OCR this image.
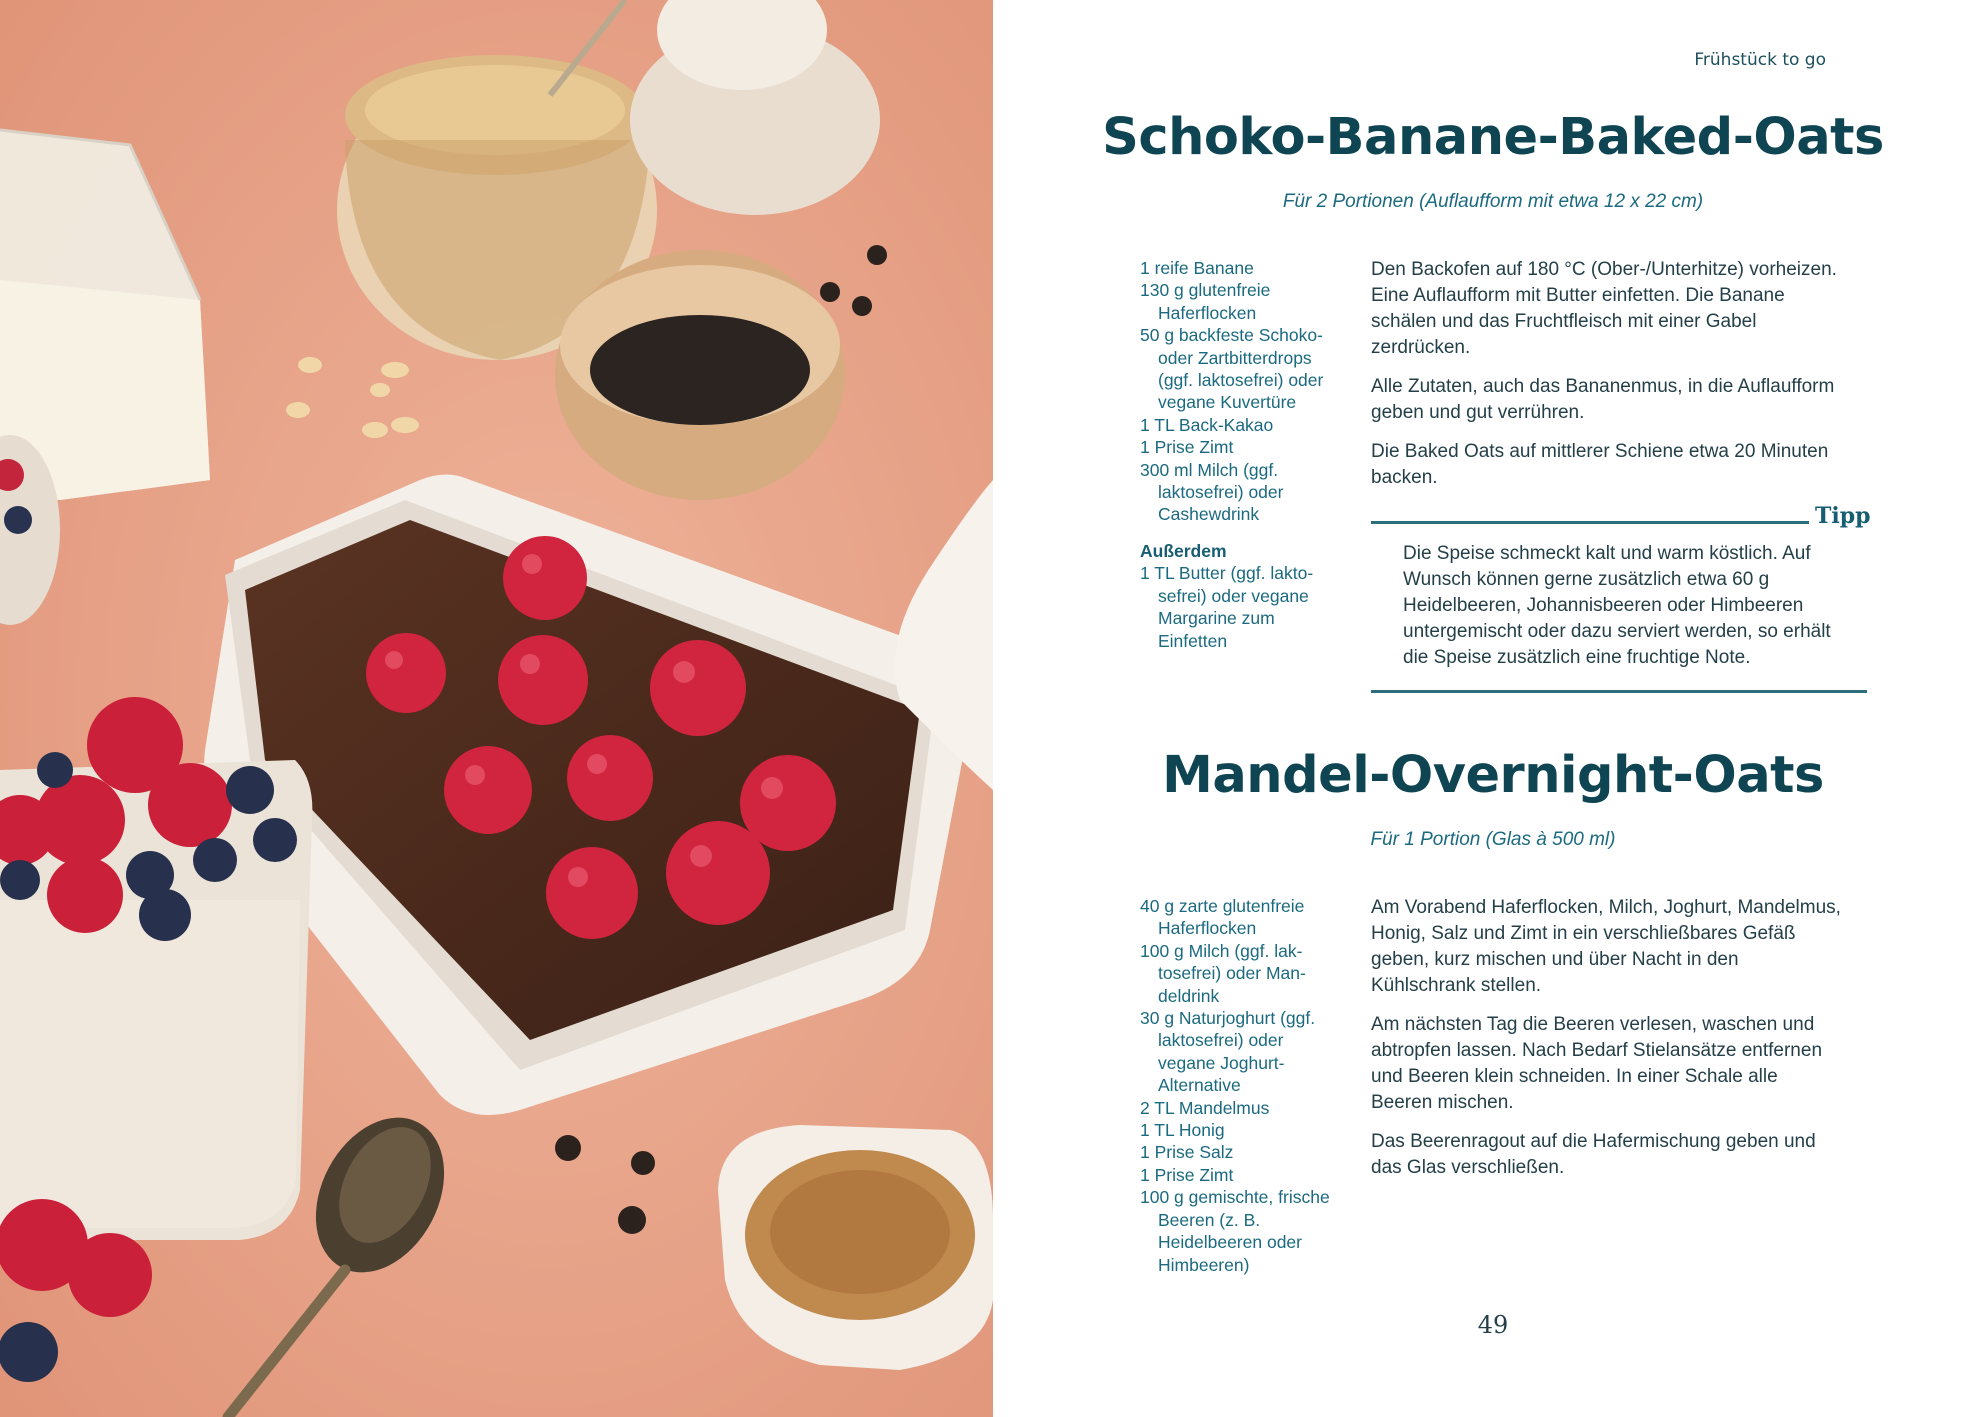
Frühstück to go
Schoko-Banane-Baked-Oats
Für 2 Portionen (Auflaufform mit etwa 12 x 22 cm)
1 reife Banane
130 g glutenfreie Haferflocken
50 g backfeste Schoko- oder Zartbitterdrops (ggf. laktosefrei) oder vegane Kuvertüre
1 TL Back-Kakao
1 Prise Zimt
300 ml Milch (ggf. laktosefrei) oder Cashewdrink
Außerdem
1 TL Butter (ggf. laktosefrei) oder vegane Margarine zum Einfetten

Den Backofen auf 180 °C (Ober-/Unterhitze) vorheizen. Eine Auflaufform mit Butter einfetten. Die Banane schälen und das Fruchtfleisch mit einer Gabel zerdrücken.

Alle Zutaten, auch das Bananenmus, in die Auflaufform geben und gut verrühren.

Die Baked Oats auf mittlerer Schiene etwa 20 Minuten backen.

Tipp
Die Speise schmeckt kalt und warm köstlich. Auf Wunsch können gerne zusätzlich etwa 60 g Heidelbeeren, Johannisbeeren oder Himbeeren untergemischt oder dazu serviert werden, so erhält die Speise zusätzlich eine fruchtige Note.
Mandel-Overnight-Oats
Für 1 Portion (Glas à 500 ml)
40 g zarte glutenfreie Haferflocken
100 g Milch (ggf. laktosefrei) oder Mandeldrink
30 g Naturjoghurt (ggf. laktosefrei) oder vegane Joghurt-Alternative
2 TL Mandelmus
1 TL Honig
1 Prise Salz
1 Prise Zimt
100 g gemischte, frische Beeren (z. B. Heidelbeeren oder Himbeeren)

Am Vorabend Haferflocken, Milch, Joghurt, Mandelmus, Honig, Salz und Zimt in ein verschließbares Gefäß geben, kurz mischen und über Nacht in den Kühlschrank stellen.

Am nächsten Tag die Beeren verlesen, waschen und abtropfen lassen. Nach Bedarf Stielansätze entfernen und Beeren klein schneiden. In einer Schale alle Beeren mischen.

Das Beerenragout auf die Hafermischung geben und das Glas verschließen.

49
